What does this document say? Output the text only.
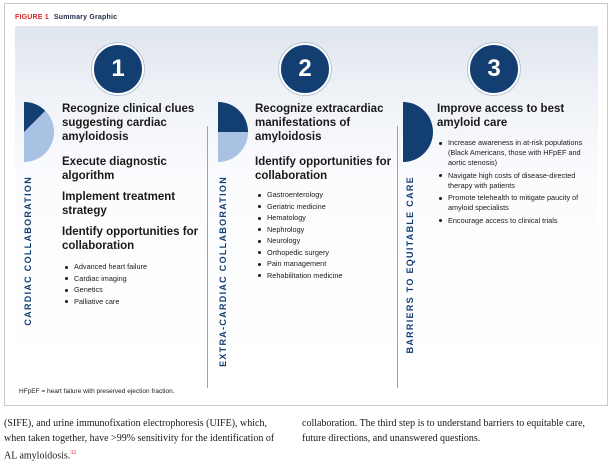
FIGURE 1 Summary Graphic
1
CARDIAC COLLABORATION
Recognize clinical clues suggesting cardiac amyloidosis
Execute diagnostic algorithm
Implement treatment strategy
Identify opportunities for collaboration
Advanced heart failure
Cardiac imaging
Genetics
Palliative care
2
EXTRA-CARDIAC COLLABORATION
Recognize extracardiac manifestations of amyloidosis
Identify opportunities for collaboration
Gastroenterology
Geriatric medicine
Hematology
Nephrology
Neurology
Orthopedic surgery
Pain management
Rehabilitation medicine
3
BARRIERS TO EQUITABLE CARE
Improve access to best amyloid care
Increase awareness in at-risk populations (Black Americans, those with HFpEF and aortic stenosis)
Navigate high costs of disease-directed therapy with patients
Promote telehealth to mitigate paucity of amyloid specialists
Encourage access to clinical trials
HFpEF = heart failure with preserved ejection fraction.

(SIFE), and urine immunofixation electrophoresis (UIFE), which, when taken together, have >99% sensitivity for the identification of AL amyloidosis.$^{32}$

collaboration. The third step is to understand barriers to equitable care, future directions, and unanswered questions.
